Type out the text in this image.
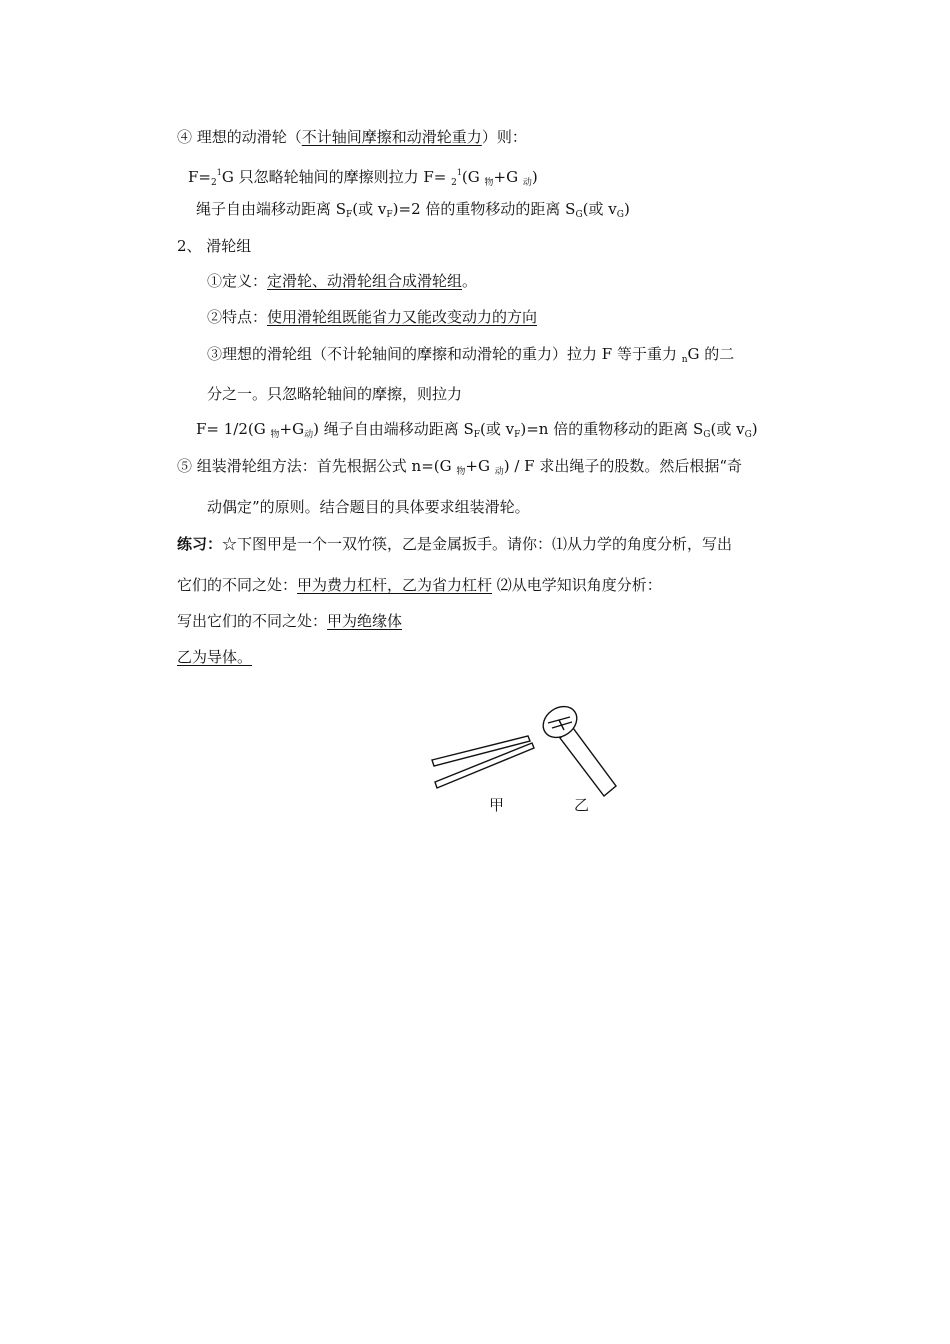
④ 理想的动滑轮（不计轴间摩擦和动滑轮重力）则：
$F=_2^1G$ 只忽略轮轴间的摩擦则拉力 F= $_2^1$(G $_物$+G $_动$)
绳子自由端移动距离 $S_F$(或 $v_F)=2$ 倍的重物移动的距离 $S_G$(或 $v_G$)
2、 滑轮组
①定义：定滑轮、动滑轮组合成滑轮组。
②特点：使用滑轮组既能省力又能改变动力的方向
③理想的滑轮组（不计轮轴间的摩擦和动滑轮的重力）拉力 F 等于重力 $_n$G 的二
分之一。只忽略轮轴间的摩擦，则拉力
F= 1/2(G $_物+G_动$) 绳子自由端移动距离 $S_F$(或 $v_F)=n$ 倍的重物移动的距离 $S_G$(或 $v_G$)
⑤ 组装滑轮组方法：首先根据公式 n=(G $_物$+G $_动$) / F 求出绳子的股数。然后根据“奇
动偶定”的原则。结合题目的具体要求组装滑轮。
练习：☆下图甲是一个一双竹筷，乙是金属扳手。请你：⑴从力学的角度分析，写出
它们的不同之处：甲为费力杠杆，乙为省力杠杆 ⑵从电学知识角度分析：
写出它们的不同之处：甲为绝缘体
乙为导体。
甲	乙
